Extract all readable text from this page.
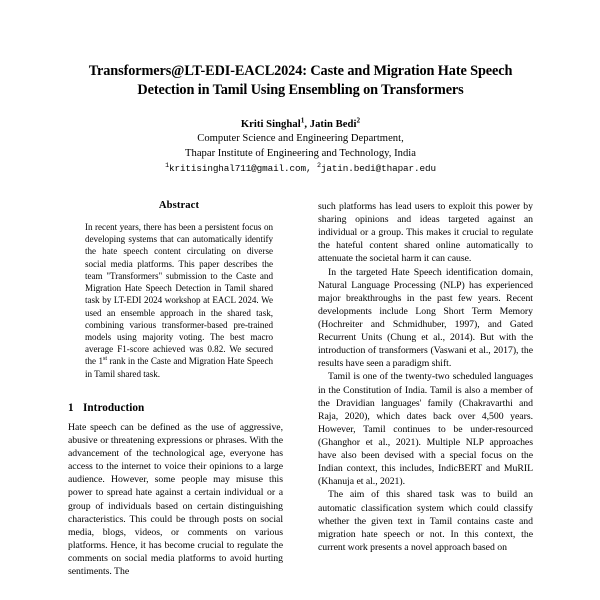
Transformers@LT-EDI-EACL2024: Caste and Migration Hate Speech
Detection in Tamil Using Ensembling on Transformers
Kriti Singhal$^1$, Jatin Bedi$^2$
Computer Science and Engineering Department,
Thapar Institute of Engineering and Technology, India
$^1$kritisinghal711@gmail.com, $^2$jatin.bedi@thapar.edu
Abstract

In recent years, there has been a persistent focus on developing systems that can automatically identify the hate speech content circulating on diverse social media platforms. This paper describes the team "Transformers" submission to the Caste and Migration Hate Speech Detection in Tamil shared task by LT-EDI 2024 workshop at EACL 2024. We used an ensemble approach in the shared task, combining various transformer-based pre-trained models using majority voting. The best macro average F1-score achieved was 0.82. We secured the 1st rank in the Caste and Migration Hate Speech in Tamil shared task.

1 Introduction

Hate speech can be defined as the use of aggressive, abusive or threatening expressions or phrases. With the advancement of the technological age, everyone has access to the internet to voice their opinions to a large audience. However, some people may misuse this power to spread hate against a certain individual or a group of individuals based on certain distinguishing characteristics. This could be through posts on social media, blogs, videos, or comments on various platforms. Hence, it has become crucial to regulate the comments on social media platforms to avoid hurting sentiments. The

such platforms has lead users to exploit this power by sharing opinions and ideas targeted against an individual or a group. This makes it crucial to regulate the hateful content shared online automatically to attenuate the societal harm it can cause.

In the targeted Hate Speech identification domain, Natural Language Processing (NLP) has experienced major breakthroughs in the past few years. Recent developments include Long Short Term Memory (Hochreiter and Schmidhuber, 1997), and Gated Recurrent Units (Chung et al., 2014). But with the introduction of transformers (Vaswani et al., 2017), the results have seen a paradigm shift.

Tamil is one of the twenty-two scheduled languages in the Constitution of India. Tamil is also a member of the Dravidian languages' family (Chakravarthi and Raja, 2020), which dates back over 4,500 years. However, Tamil continues to be under-resourced (Ghanghor et al., 2021). Multiple NLP approaches have also been devised with a special focus on the Indian context, this includes, IndicBERT and MuRIL (Khanuja et al., 2021).

The aim of this shared task was to build an automatic classification system which could classify whether the given text in Tamil contains caste and migration hate speech or not. In this context, the current work presents a novel approach based on
